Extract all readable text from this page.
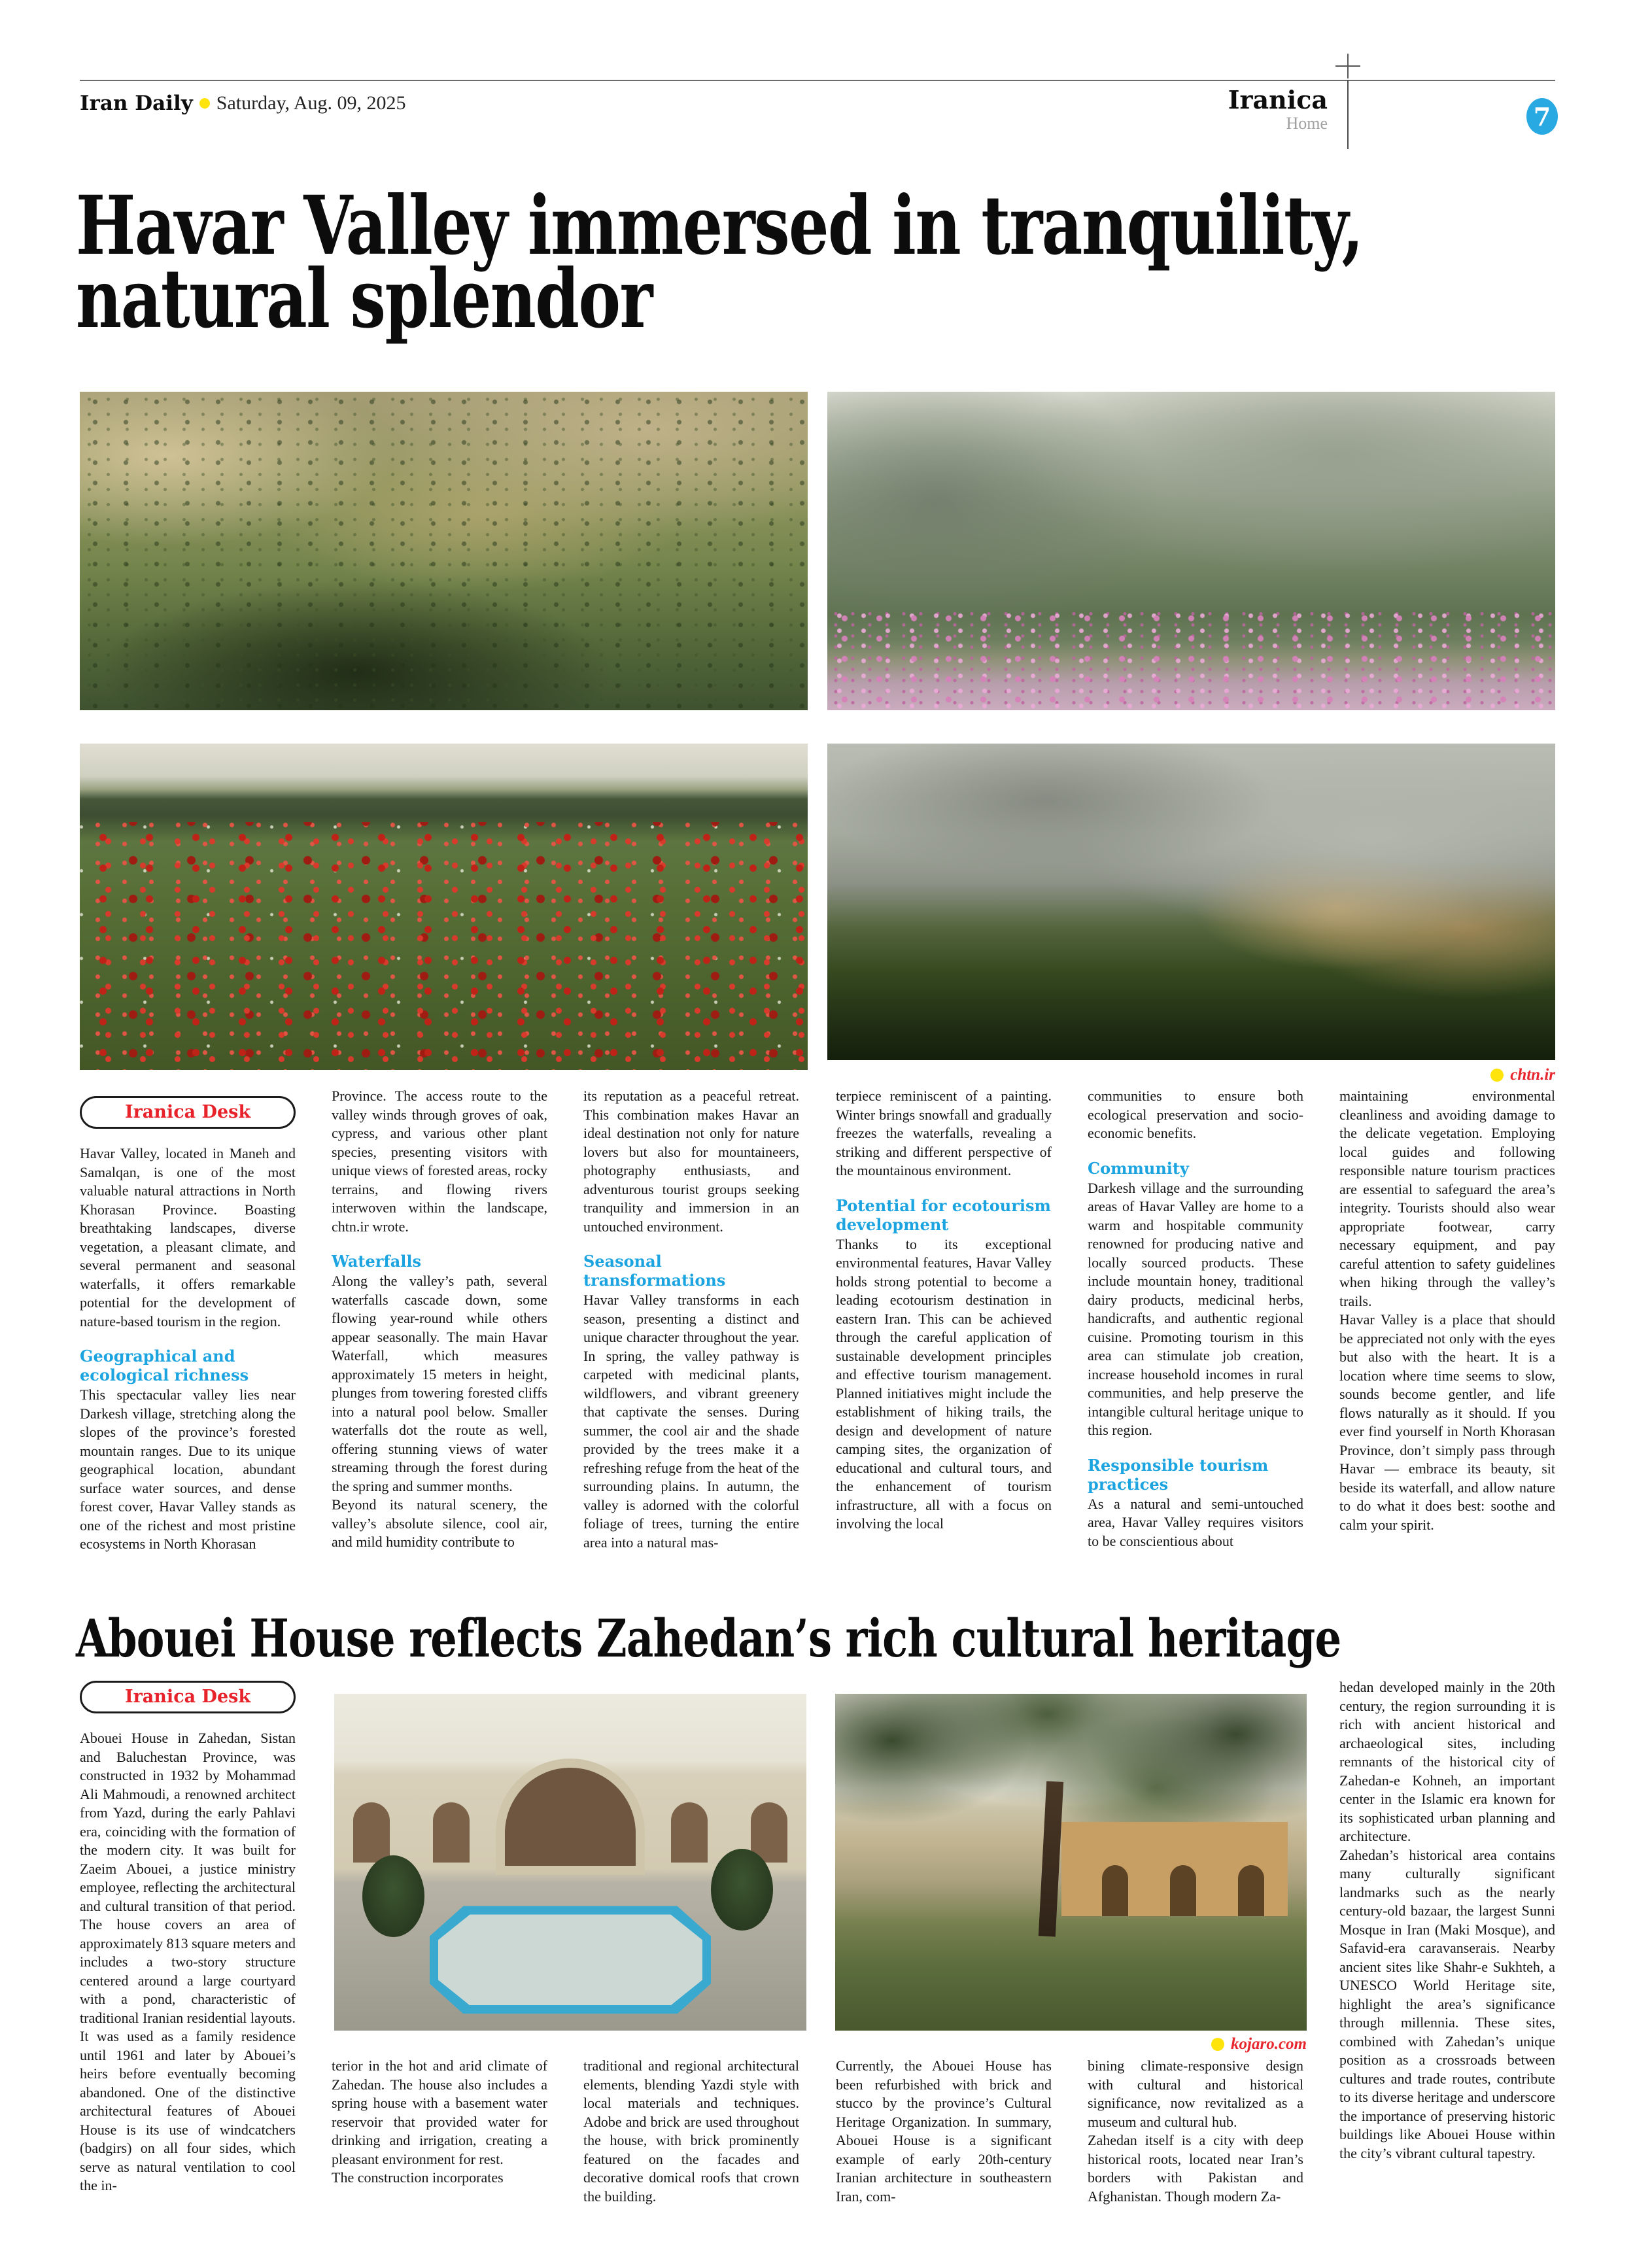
Iran Daily Saturday, Aug. 09, 2025	Iranica
Home	7
Havar Valley immersed in tranquility,
natural splendor
chtn.ir
Iranica Desk

Havar Valley, located in Maneh and Samalqan, is one of the most valuable natural attractions in North Khorasan Province. Boasting breathtaking landscapes, diverse vegetation, a pleasant climate, and several permanent and seasonal waterfalls, it offers remarkable potential for the development of nature-based tourism in the region.

Geographical and ecological richness

This spectacular valley lies near Darkesh village, stretching along the slopes of the province’s forested mountain ranges. Due to its unique geographical location, abundant surface water sources, and dense forest cover, Havar Valley stands as one of the richest and most pristine ecosystems in North Khorasan

Province. The access route to the valley winds through groves of oak, cypress, and various other plant species, presenting visitors with unique views of forested areas, rocky terrains, and flowing rivers interwoven within the landscape, chtn.ir wrote.

Waterfalls

Along the valley’s path, several waterfalls cascade down, some flowing year-round while others appear seasonally. The main Havar Waterfall, which measures approximately 15 meters in height, plunges from towering forested cliffs into a natural pool below. Smaller waterfalls dot the route as well, offering stunning views of water streaming through the forest during the spring and summer months.

Beyond its natural scenery, the valley’s absolute silence, cool air, and mild humidity contribute to

its reputation as a peaceful retreat. This combination makes Havar an ideal destination not only for nature lovers but also for mountaineers, photography enthusiasts, and adventurous tourist groups seeking tranquility and immersion in an untouched environment.

Seasonal transformations

Havar Valley transforms in each season, presenting a distinct and unique character throughout the year. In spring, the valley pathway is carpeted with medicinal plants, wildflowers, and vibrant greenery that captivate the senses. During summer, the cool air and the shade provided by the trees make it a refreshing refuge from the heat of the surrounding plains. In autumn, the valley is adorned with the colorful foliage of trees, turning the entire area into a natural mas-

terpiece reminiscent of a painting. Winter brings snowfall and gradually freezes the waterfalls, revealing a striking and different perspective of the mountainous environment.

Potential for ecotourism development

Thanks to its exceptional environmental features, Havar Valley holds strong potential to become a leading ecotourism destination in eastern Iran. This can be achieved through the careful application of sustainable development principles and effective tourism management. Planned initiatives might include the establishment of hiking trails, the design and development of nature camping sites, the organization of educational and cultural tours, and the enhancement of tourism infrastructure, all with a focus on involving the local

communities to ensure both ecological preservation and socio-economic benefits.

Community

Darkesh village and the surrounding areas of Havar Valley are home to a warm and hospitable community renowned for producing native and locally sourced products. These include mountain honey, traditional dairy products, medicinal herbs, handicrafts, and authentic regional cuisine. Promoting tourism in this area can stimulate job creation, increase household incomes in rural communities, and help preserve the intangible cultural heritage unique to this region.

Responsible tourism practices

As a natural and semi-untouched area, Havar Valley requires visitors to be conscientious about

maintaining environmental cleanliness and avoiding damage to the delicate vegetation. Employing local guides and following responsible nature tourism practices are essential to safeguard the area’s integrity. Tourists should also wear appropriate footwear, carry necessary equipment, and pay careful attention to safety guidelines when hiking through the valley’s trails.

Havar Valley is a place that should be appreciated not only with the eyes but also with the heart. It is a location where time seems to slow, sounds become gentler, and life flows naturally as it should. If you ever find yourself in North Khorasan Province, don’t simply pass through Havar — embrace its beauty, sit beside its waterfall, and allow nature to do what it does best: soothe and calm your spirit.

Abouei House reflects Zahedan’s rich cultural heritage
Iranica Desk

Abouei House in Zahedan, Sistan and Baluchestan Province, was constructed in 1932 by Mohammad Ali Mahmoudi, a renowned architect from Yazd, during the early Pahlavi era, coinciding with the formation of the modern city. It was built for Zaeim Abouei, a justice ministry employee, reflecting the architectural and cultural transition of that period. The house covers an area of approximately 813 square meters and includes a two-story structure centered around a large courtyard with a pond, characteristic of traditional Iranian residential layouts. It was used as a family residence until 1961 and later by Abouei’s heirs before eventually becoming abandoned. One of the distinctive architectural features of Abouei House is its use of windcatchers (badgirs) on all four sides, which serve as natural ventilation to cool the in-

kojaro.com

terior in the hot and arid climate of Zahedan. The house also includes a spring house with a basement water reservoir that provided water for drinking and irrigation, creating a pleasant environment for rest.

The construction incorporates

traditional and regional architectural elements, blending Yazdi style with local materials and techniques. Adobe and brick are used throughout the house, with brick prominently featured on the facades and decorative domical roofs that crown the building.

Currently, the Abouei House has been refurbished with brick and stucco by the province’s Cultural Heritage Organization. In summary, Abouei House is a significant example of early 20th-century Iranian architecture in southeastern Iran, com-

bining climate-responsive design with cultural and historical significance, now revitalized as a museum and cultural hub.

Zahedan itself is a city with deep historical roots, located near Iran’s borders with Pakistan and Afghanistan. Though modern Za-

hedan developed mainly in the 20th century, the region surrounding it is rich with ancient historical and archaeological sites, including remnants of the historical city of Zahedan-e Kohneh, an important center in the Islamic era known for its sophisticated urban planning and architecture.

Zahedan’s historical area contains many culturally significant landmarks such as the nearly century-old bazaar, the largest Sunni Mosque in Iran (Maki Mosque), and Safavid-era caravanserais. Nearby ancient sites like Shahr-e Sukhteh, a UNESCO World Heritage site, highlight the area’s significance through millennia. These sites, combined with Zahedan’s unique position as a crossroads between cultures and trade routes, contribute to its diverse heritage and underscore the importance of preserving historic buildings like Abouei House within the city’s vibrant cultural tapestry.
